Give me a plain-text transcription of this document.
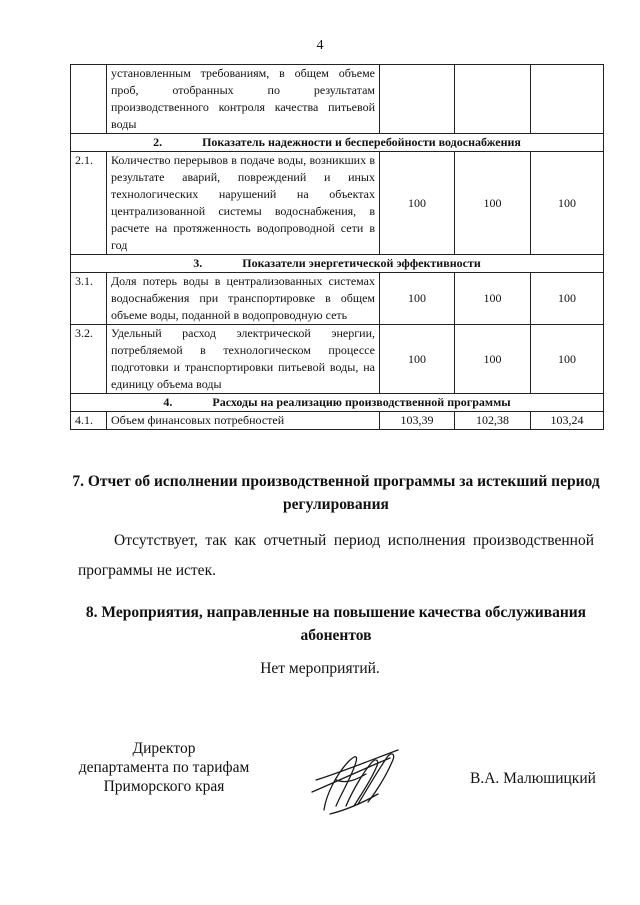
4
	установленным требованиям, в общем объеме проб, отобранных по результатам производственного контроля качества питьевой воды			
2. Показатель надежности и бесперебойности водоснабжения				
2.1.	Количество перерывов в подаче воды, возникших в результате аварий, повреждений и иных технологических нарушений на объектах централизованной системы водоснабжения, в расчете на протяженность водопроводной сети в год	100	100	100
3. Показатели энергетической эффективности				
3.1.	Доля потерь воды в централизованных системах водоснабжения при транспортировке в общем объеме воды, поданной в водопроводную сеть	100	100	100
3.2.	Удельный расход электрической энергии, потребляемой в технологическом процессе подготовки и транспортировки питьевой воды, на единицу объема воды	100	100	100
4. Расходы на реализацию производственной программы				
4.1.	Объем финансовых потребностей	103,39	102,38	103,24
7. Отчет об исполнении производственной программы за истекший период регулирования
Отсутствует, так как отчетный период исполнения производственной программы не истек.
8. Мероприятия, направленные на повышение качества обслуживания абонентов
Нет мероприятий.
Директор
департамента по тарифам
Приморского края	В.А. Малюшицкий
